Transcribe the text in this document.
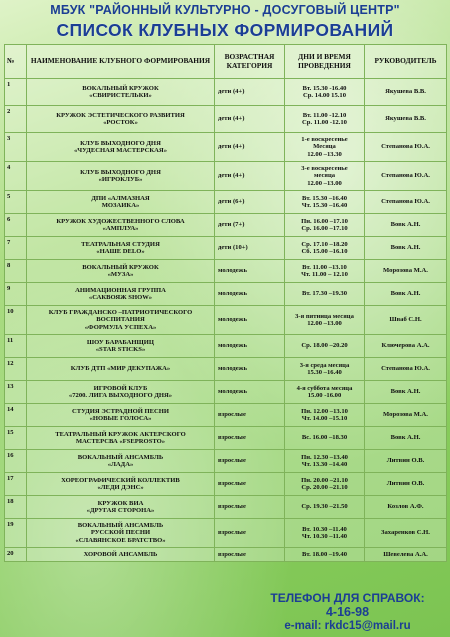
МБУК "РАЙОННЫЙ КУЛЬТУРНО - ДОСУГОВЫЙ ЦЕНТР"
СПИСОК КЛУБНЫХ ФОРМИРОВАНИЙ
№	НАИМЕНОВАНИЕ КЛУБНОГО ФОРМИРОВАНИЯ	ВОЗРАСТНАЯ КАТЕГОРИЯ	ДНИ И ВРЕМЯ ПРОВЕДЕНИЯ	РУКОВОДИТЕЛЬ
1	ВОКАЛЬНЫЙ КРУЖОК
«СВИРИСТЕЛЬКИ»	дети (4+)	Вт. 15.30 -16.40
Ср. 14.00 15.10	Якушева В.В.
2	КРУЖОК ЭСТЕТИЧЕСКОГО РАЗВИТИЯ
«РОСТОК»	дети (4+)	Вт. 11.00 -12.10
Ср. 11.00 -12.10	Якушева В.В.
3	КЛУБ ВЫХОДНОГО ДНЯ
«ЧУДЕСНАЯ МАСТЕРСКАЯ»	дети (4+)	1-е воскресенье
Месяца
12.00 –13.30	Степанова Ю.А.
4	КЛУБ ВЫХОДНОГО ДНЯ
«ИГРОКЛУБ»	дети (4+)	3-е воскресенье
месяца
12.00 –13.00	Степанова Ю.А.
5	ДПИ «АЛМАЗНАЯ
МОЗАИКА»	дети (6+)	Вт. 15.30 –16.40
Чт. 15.30 –16.40	Степанова Ю.А.
6	КРУЖОК ХУДОЖЕСТВЕННОГО СЛОВА
«АМПЛУА»	дети (7+)	Пн. 16.00 –17.10
Ср. 16.00 –17.10	Вовк А.Н.
7	ТЕАТРАЛЬНАЯ СТУДИЯ
«НАШЕ DELO»	дети (10+)	Ср. 17.10 –18.20
Сб. 15.00 –16.10	Вовк А.Н.
8	ВОКАЛЬНЫЙ КРУЖОК
«МУЗА»	молодежь	Вт. 11.00 –13.10
Чт. 11.00 – 12.10	Морозова М.А.
9	АНИМАЦИОННАЯ ГРУППА
«САКВОЯЖ SHOW»	молодежь	Вт. 17.30 –19.30	Вовк А.Н.
10	КЛУБ ГРАЖДАНСКО –ПАТРИОТИЧЕСКОГО
ВОСПИТАНИЯ
«ФОРМУЛА УСПЕХА»	молодежь	3-я пятница месяца
12.00 –13.00	Шваб С.Н.
11	ШОУ БАРАБАНЩИЦ
«STAR STICKS»	молодежь	Ср. 18.00 –20.20	Ключерова А.А.
12	КЛУБ ДТП «МИР ДЕКУПАЖА»	молодежь	3-я среда месяца
15.30 –16.40	Степанова Ю.А.
13	ИГРОВОЙ КЛУБ
«7200. ЛИГА ВЫХОДНОГО ДНЯ»	молодежь	4-я суббота месяца
15.00 -16.00	Вовк А.Н.
14	СТУДИЯ ЭСТРАДНОЙ ПЕСНИ
«НОВЫЕ ГОЛОСА»	взрослые	Пн. 12.00 –13.10
Чт. 14.00 –15.10	Морозова М.А.
15	ТЕАТРАЛЬНЫЙ КРУЖОК АКТЕРСКОГО
МАСТЕРСВА «FSEPROSTO»	взрослые	Вс. 16.00 –18.30	Вовк А.Н.
16	ВОКАЛЬНЫЙ АНСАМБЛЬ
«ЛАДА»	взрослые	Пн. 12.30 –13.40
Чт. 13.30 –14.40	Литвин О.В.
17	ХОРЕОГРАФИЧЕСКИЙ КОЛЛЕКТИВ
«ЛЕДИ ДЭНС»	взрослые	Пн. 20.00 –21.10
Ср. 20.00 –21.10	Литвин О.В.
18	КРУЖОК ВИА
«ДРУГАЯ СТОРОНА»	взрослые	Ср. 19.30 –21.50	Козлов А.Ф.
19	ВОКАЛЬНЫЙ АНСАМБЛЬ
РУССКОЙ ПЕСНИ
«СЛАВЯНСКОЕ БРАТСТВО»	взрослые	Вт. 10.30 –11.40
Чт. 10.30 –11.40	Захаренков С.Н.
20	ХОРОВОЙ АНСАМБЛЬ	взрослые	Вт. 18.00 –19.40	Шевелева А.А.
ТЕЛЕФОН ДЛЯ СПРАВОК:
4-16-98
e-mail: rkdc15@mail.ru
